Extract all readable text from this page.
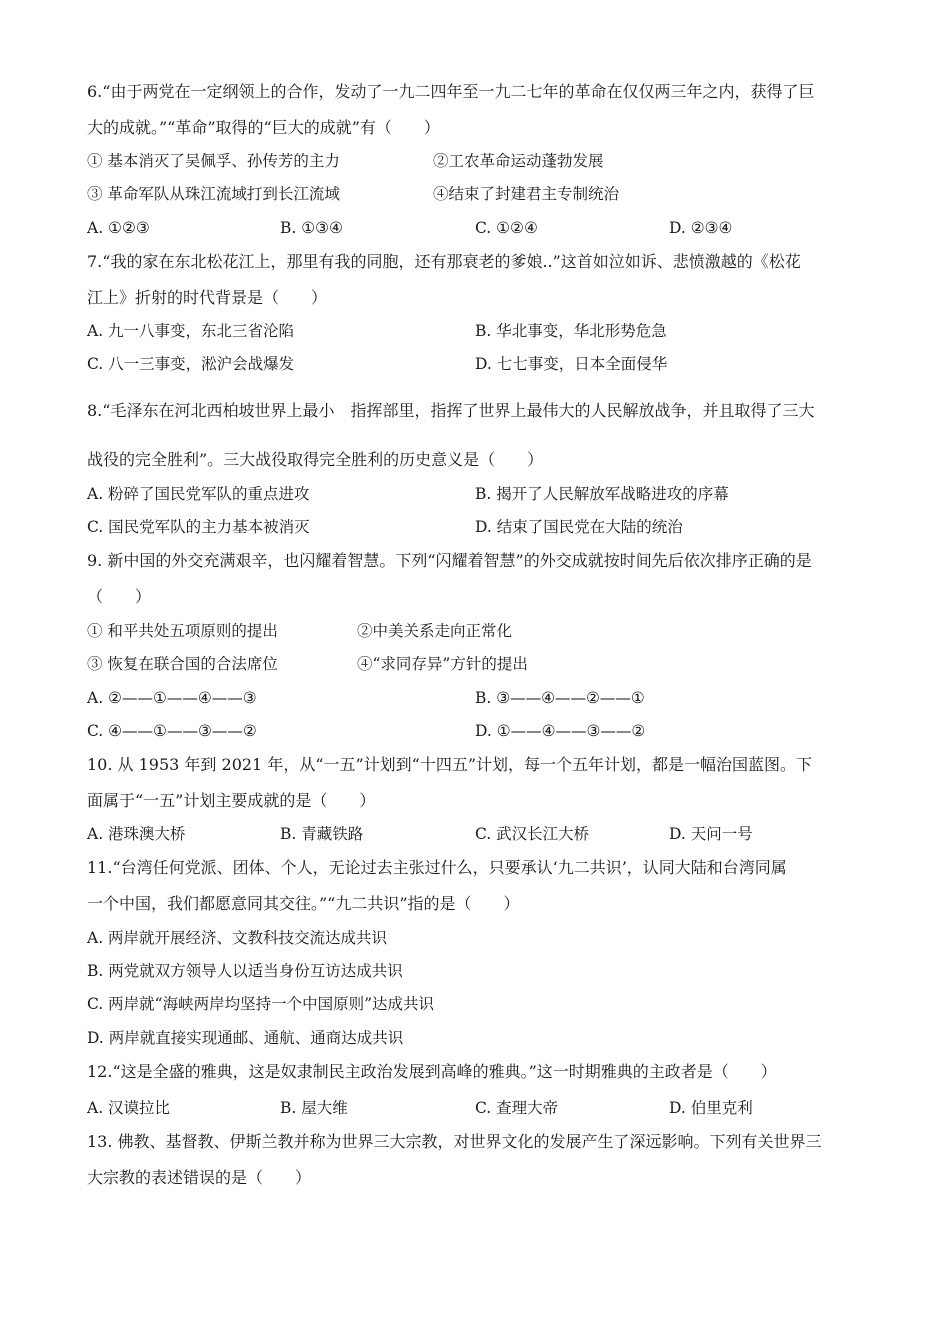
6.“由于两党在一定纲领上的合作，发动了一九二四年至一九二七年的革命在仅仅两三年之内，获得了巨
大的成就。”“革命”取得的“巨大的成就”有（　　）
① 基本消灭了吴佩孚、孙传芳的主力	②工农革命运动蓬勃发展
③ 革命军队从珠江流域打到长江流域	④结束了封建君主专制统治
A. ①②③	B. ①③④	C. ①②④	D. ②③④
7.“我的家在东北松花江上，那里有我的同胞，还有那衰老的爹娘..”这首如泣如诉、悲愤激越的《松花
江上》折射的时代背景是（　　）
A. 九一八事变，东北三省沦陷	B. 华北事变，华北形势危急
C. 八一三事变，淞沪会战爆发	D. 七七事变，日本全面侵华
8.“毛泽东在河北西柏坡世界上最小　指挥部里，指挥了世界上最伟大的人民解放战争，并且取得了三大
战役的完全胜利”。三大战役取得完全胜利的历史意义是（　　）
A. 粉碎了国民党军队的重点进攻	B. 揭开了人民解放军战略进攻的序幕
C. 国民党军队的主力基本被消灭	D. 结束了国民党在大陆的统治
9. 新中国的外交充满艰辛，也闪耀着智慧。下列“闪耀着智慧”的外交成就按时间先后依次排序正确的是
（　　）
① 和平共处五项原则的提出	②中美关系走向正常化
③ 恢复在联合国的合法席位	④“求同存异”方针的提出
A. ②——①——④——③	B. ③——④——②——①
C. ④——①——③——②	D. ①——④——③——②
10. 从 1953 年到 2021 年，从“一五”计划到“十四五”计划，每一个五年计划，都是一幅治国蓝图。下
面属于“一五”计划主要成就的是（　　）
A. 港珠澳大桥	B. 青藏铁路	C. 武汉长江大桥	D. 天问一号
11.“台湾任何党派、团体、个人，无论过去主张过什么，只要承认‘九二共识’，认同大陆和台湾同属
一个中国，我们都愿意同其交往。”“九二共识”指的是（　　）
A. 两岸就开展经济、文教科技交流达成共识
B. 两党就双方领导人以适当身份互访达成共识
C. 两岸就“海峡两岸均坚持一个中国原则”达成共识
D. 两岸就直接实现通邮、通航、通商达成共识
12.“这是全盛的雅典，这是奴隶制民主政治发展到高峰的雅典。”这一时期雅典的主政者是（　　）
A. 汉谟拉比	B. 屋大维	C. 查理大帝	D. 伯里克利
13. 佛教、基督教、伊斯兰教并称为世界三大宗教，对世界文化的发展产生了深远影响。下列有关世界三
大宗教的表述错误的是（　　）
